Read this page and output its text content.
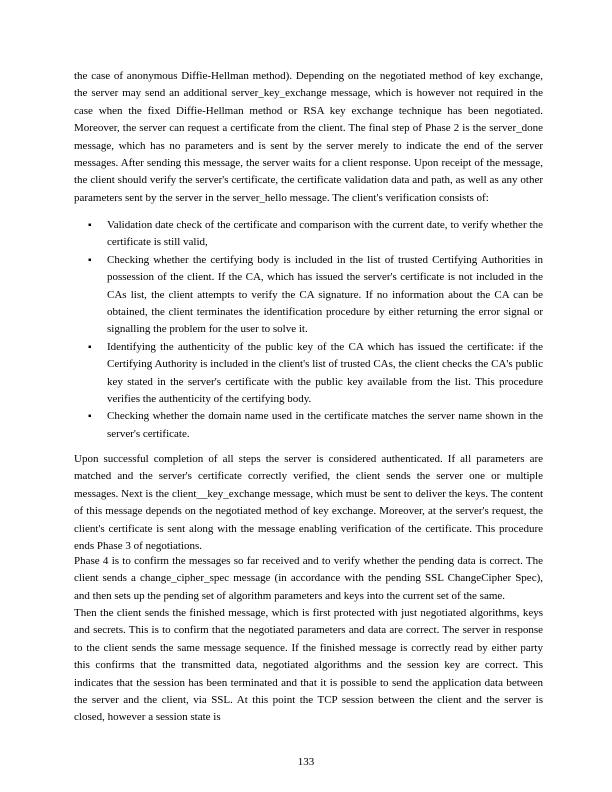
the case of anonymous Diffie-Hellman method). Depending on the negotiated method of key exchange, the server may send an additional server_key_exchange message, which is however not required in the case when the fixed Diffie-Hellman method or RSA key exchange technique has been negotiated. Moreover, the server can request a certificate from the client. The final step of Phase 2 is the server_done message, which has no parameters and is sent by the server merely to indicate the end of the server messages. After sending this message, the server waits for a client response. Upon receipt of the message, the client should verify the server's certificate, the certificate validation data and path, as well as any other parameters sent by the server in the server_hello message. The client's verification consists of:

▪ Validation date check of the certificate and comparison with the current date, to verify whether the certificate is still valid,
▪ Checking whether the certifying body is included in the list of trusted Certifying Authorities in possession of the client. If the CA, which has issued the server's certificate is not included in the CAs list, the client attempts to verify the CA signature. If no information about the CA can be obtained, the client terminates the identification procedure by either returning the error signal or signalling the problem for the user to solve it.
▪ Identifying the authenticity of the public key of the CA which has issued the certificate: if the Certifying Authority is included in the client's list of trusted CAs, the client checks the CA's public key stated in the server's certificate with the public key available from the list. This procedure verifies the authenticity of the certifying body.
▪ Checking whether the domain name used in the certificate matches the server name shown in the server's certificate.

Upon successful completion of all steps the server is considered authenticated. If all parameters are matched and the server's certificate correctly verified, the client sends the server one or multiple messages. Next is the client__key_exchange message, which must be sent to deliver the keys. The content of this message depends on the negotiated method of key exchange. Moreover, at the server's request, the client's certificate is sent along with the message enabling verification of the certificate. This procedure ends Phase 3 of negotiations.

Phase 4 is to confirm the messages so far received and to verify whether the pending data is correct. The client sends a change_cipher_spec message (in accordance with the pending SSL ChangeCipher Spec), and then sets up the pending set of algorithm parameters and keys into the current set of the same.

Then the client sends the finished message, which is first protected with just negotiated algorithms, keys and secrets. This is to confirm that the negotiated parameters and data are correct. The server in response to the client sends the same message sequence. If the finished message is correctly read by either party this confirms that the transmitted data, negotiated algorithms and the session key are correct. This indicates that the session has been terminated and that it is possible to send the application data between the server and the client, via SSL. At this point the TCP session between the client and the server is closed, however a session state is

133
